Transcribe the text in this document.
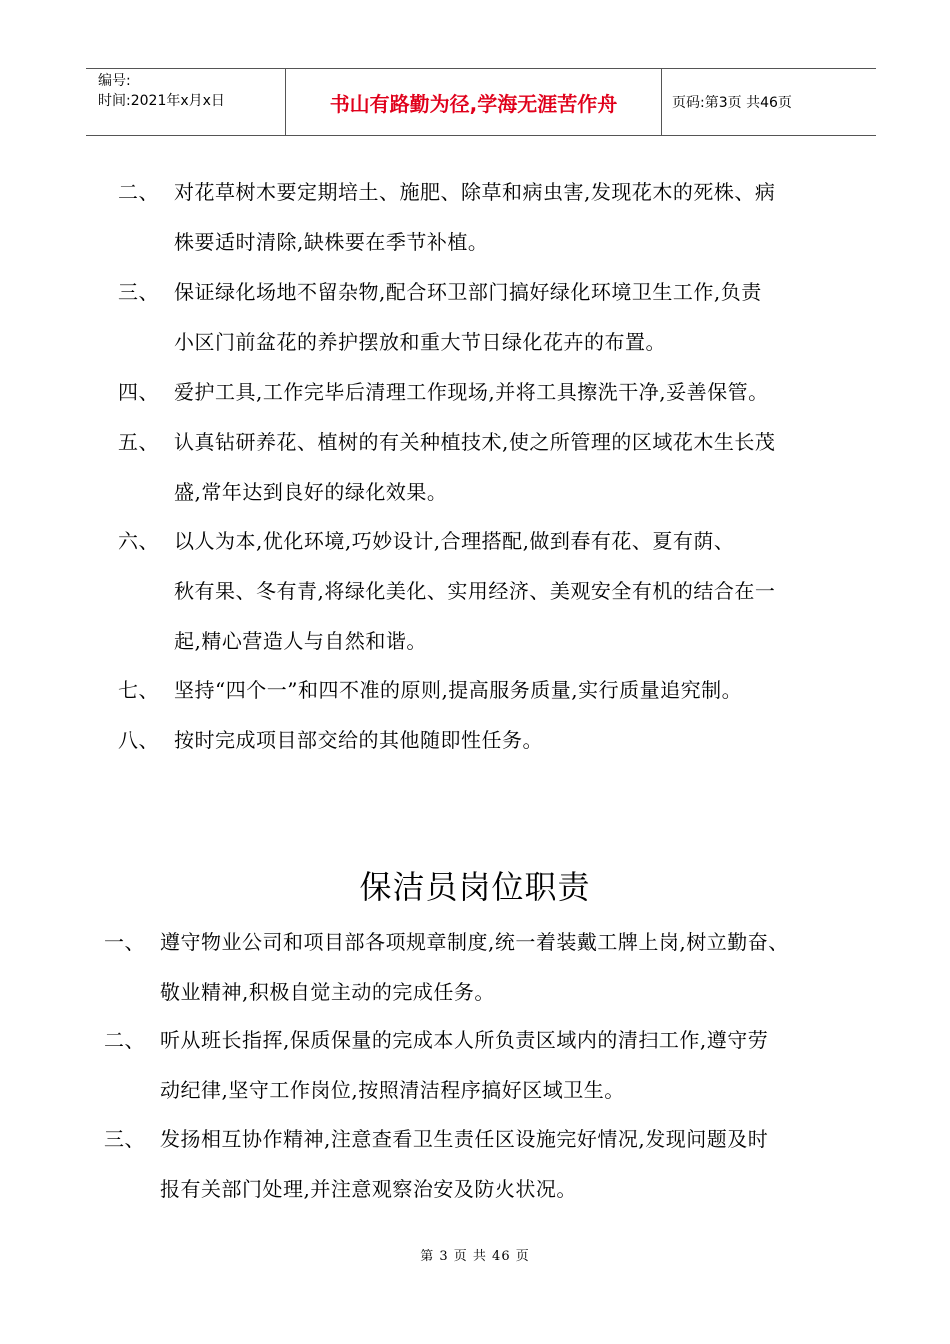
编号:
时间:2021年x月x日	书山有路勤为径,学海无涯苦作舟	页码:第3页 共46页
二、 对花草树木要定期培土、施肥、除草和病虫害,发现花木的死株、病
株要适时清除,缺株要在季节补植。
三、 保证绿化场地不留杂物,配合环卫部门搞好绿化环境卫生工作,负责
小区门前盆花的养护摆放和重大节日绿化花卉的布置。
四、 爱护工具,工作完毕后清理工作现场,并将工具擦洗干净,妥善保管。
五、 认真钻研养花、植树的有关种植技术,使之所管理的区域花木生长茂
盛,常年达到良好的绿化效果。
六、 以人为本,优化环境,巧妙设计,合理搭配,做到春有花、夏有荫、
秋有果、冬有青,将绿化美化、实用经济、美观安全有机的结合在一
起,精心营造人与自然和谐。
七、 坚持“四个一”和四不准的原则,提高服务质量,实行质量追究制。
八、 按时完成项目部交给的其他随即性任务。
保洁员岗位职责
一、 遵守物业公司和项目部各项规章制度,统一着装戴工牌上岗,树立勤奋、
敬业精神,积极自觉主动的完成任务。
二、 听从班长指挥,保质保量的完成本人所负责区域内的清扫工作,遵守劳
动纪律,坚守工作岗位,按照清洁程序搞好区域卫生。
三、 发扬相互协作精神,注意查看卫生责任区设施完好情况,发现问题及时
报有关部门处理,并注意观察治安及防火状况。
第 3 页 共 46 页
